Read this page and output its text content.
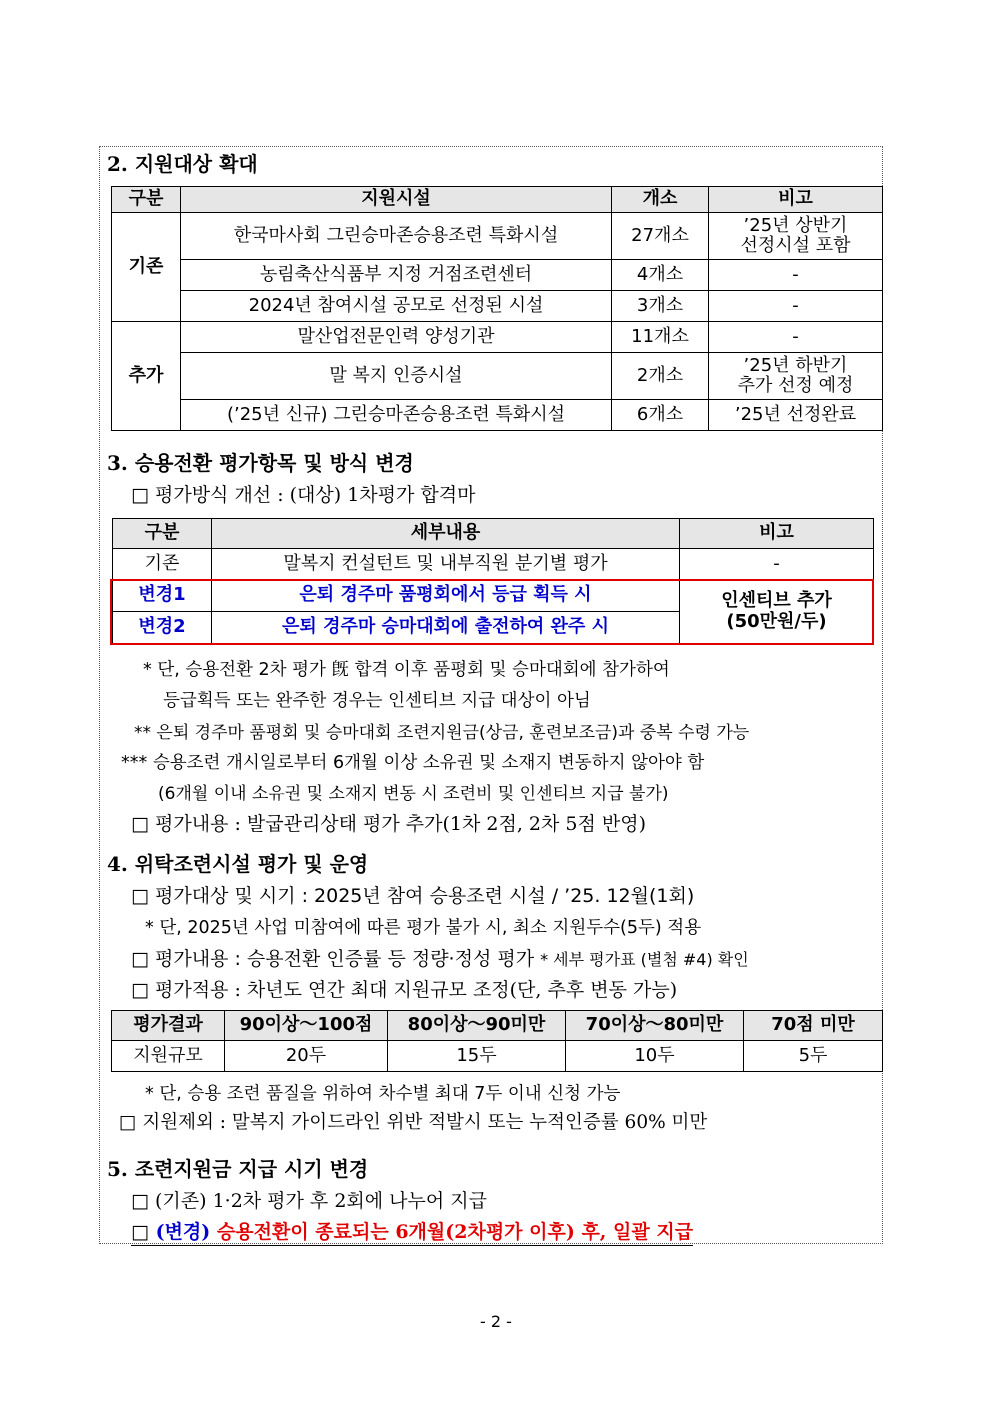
2. 지원대상 확대
구분	지원시설	개소	비고
기존	한국마사회 그린승마존승용조련 특화시설	27개소	’25년 상반기
선정시설 포함

	농림축산식품부 지정 거점조련센터	4개소	-
	2024년 참여시설 공모로 선정된 시설	3개소	-
추가	말산업전문인력 양성기관	11개소	-
	말 복지 인증시설	2개소	’25년 하반기
추가 선정 예정

	(’25년 신규) 그린승마존승용조련 특화시설	6개소	’25년 선정완료
3. 승용전환 평가항목 및 방식 변경
□ 평가방식 개선 : (대상) 1차평가 합격마
구분	세부내용	비고
기존	말복지 컨설턴트 및 내부직원 분기별 평가	-
변경1	은퇴 경주마 품평회에서 등급 획득 시	인센티브 추가
(50만원/두)

변경2	은퇴 경주마 승마대회에 출전하여 완주 시	
* 단, 승용전환 2차 평가 旣 합격 이후 품평회 및 승마대회에 참가하여
등급획득 또는 완주한 경우는 인센티브 지급 대상이 아님
** 은퇴 경주마 품평회 및 승마대회 조련지원금(상금, 훈련보조금)과 중복 수령 가능
*** 승용조련 개시일로부터 6개월 이상 소유권 및 소재지 변동하지 않아야 함
(6개월 이내 소유권 및 소재지 변동 시 조련비 및 인센티브 지급 불가)
□ 평가내용 : 발굽관리상태 평가 추가(1차 2점, 2차 5점 반영)
4. 위탁조련시설 평가 및 운영
□ 평가대상 및 시기 : 2025년 참여 승용조련 시설 / ’25. 12월(1회)
* 단, 2025년 사업 미참여에 따른 평가 불가 시, 최소 지원두수(5두) 적용
□ 평가내용 : 승용전환 인증률 등 정량·정성 평가 * 세부 평가표 (별첨 #4) 확인
□ 평가적용 : 차년도 연간 최대 지원규모 조정(단, 추후 변동 가능)
평가결과	90이상～100점	80이상～90미만	70이상～80미만	70점 미만
지원규모	20두	15두	10두	5두
* 단, 승용 조련 품질을 위하여 차수별 최대 7두 이내 신청 가능
□ 지원제외 : 말복지 가이드라인 위반 적발시 또는 누적인증률 60% 미만
5. 조련지원금 지급 시기 변경
□ (기존) 1·2차 평가 후 2회에 나누어 지급
□ (변경) 승용전환이 종료되는 6개월(2차평가 이후) 후, 일괄 지급
- 2 -
